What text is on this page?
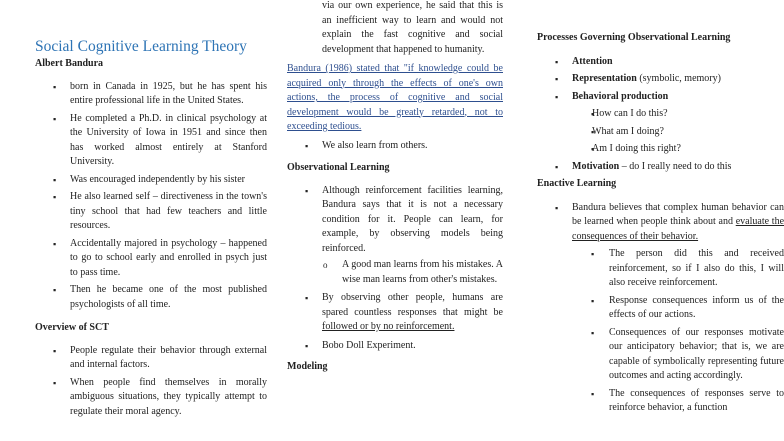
Social Cognitive Learning Theory
Albert Bandura
▪ born in Canada in 1925, but he has spent his entire professional life in the United States.
▪ He completed a Ph.D. in clinical psychology at the University of Iowa in 1951 and since then has worked almost entirely at Stanford University.
▪ Was encouraged independently by his sister
▪ He also learned self – directiveness in the town's tiny school that had few teachers and little resources.
▪ Accidentally majored in psychology – happened to go to school early and enrolled in psych just to pass time.
▪ Then he became one of the most published psychologists of all time.
Overview of SCT
▪ People regulate their behavior through external and internal factors.
▪ When people find themselves in morally ambiguous situations, they typically attempt to regulate their moral agency.
via our own experience, he said that this is an inefficient way to learn and would not explain the fast cognitive and social development that happened to humanity.
Bandura (1986) stated that "if knowledge could be acquired only through the effects of one's own actions, the process of cognitive and social development would be greatly retarded, not to exceeding tedious.
▪ We also learn from others.
Observational Learning
▪ Although reinforcement facilities learning, Bandura says that it is not a necessary condition for it. People can learn, for example, by observing models being reinforced.
o A good man learns from his mistakes. A wise man learns from other's mistakes.
▪ By observing other people, humans are spared countless responses that might be followed or by no reinforcement.
▪ Bobo Doll Experiment.
Modeling
Processes Governing Observational Learning
▪ Attention
▪ Representation (symbolic, memory)
▪ Behavioral production
▪ How can I do this?
▪ What am I doing?
▪ Am I doing this right?
▪ Motivation – do I really need to do this
Enactive Learning
▪ Bandura believes that complex human behavior can be learned when people think about and evaluate the consequences of their behavior.
▪ The person did this and received reinforcement, so if I also do this, I will also receive reinforcement.
▪ Response consequences inform us of the effects of our actions.
▪ Consequences of our responses motivate our anticipatory behavior; that is, we are capable of symbolically representing future outcomes and acting accordingly.
▪ The consequences of responses serve to reinforce behavior, a function
